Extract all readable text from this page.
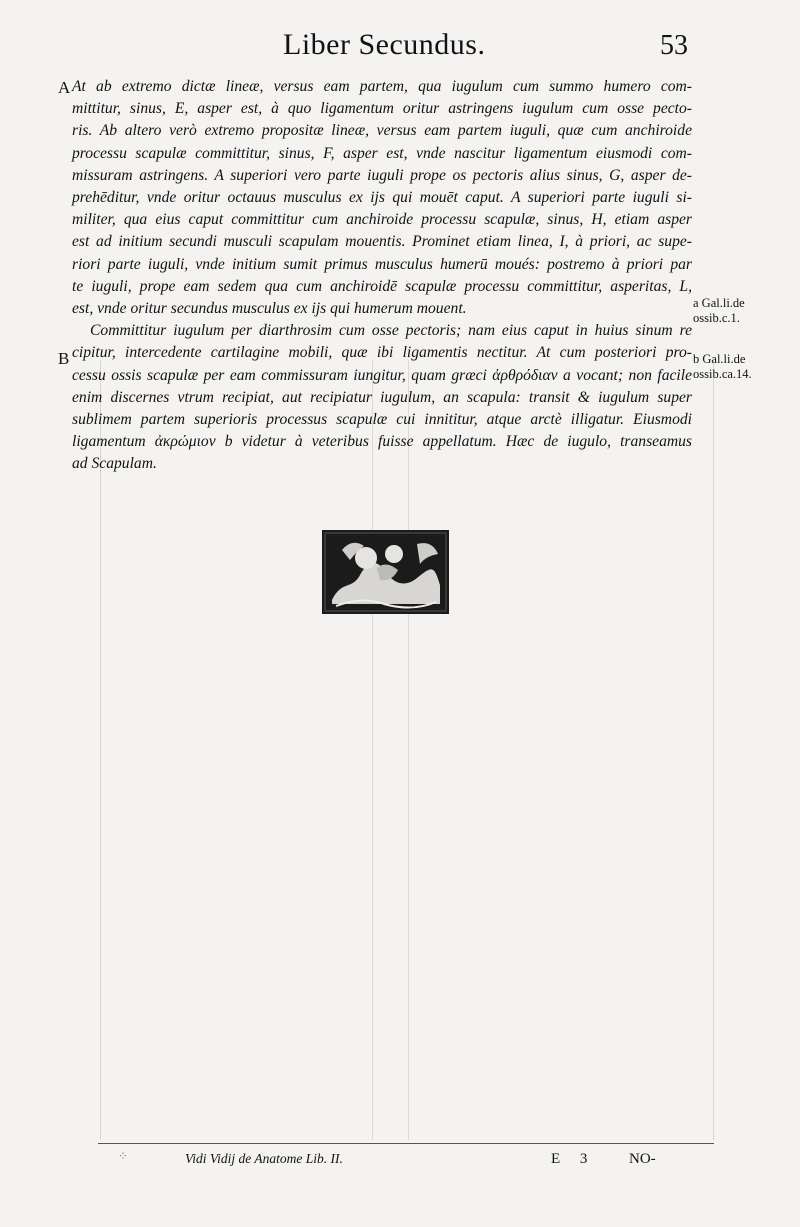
Liber Secundus.	53
A
B
At ab extremo dictæ lineæ, versus eam partem, qua iugulum cum summo humero com-
mittitur, sinus, E, asper est, à quo ligamentum oritur astringens iugulum cum osse pecto-
ris. Ab altero verò extremo propositæ lineæ, versus eam partem iuguli, quæ cum anchiroide
processu scapulæ committitur, sinus, F, asper est, vnde nascitur ligamentum eiusmodi com-
missuram astringens. A superiori vero parte iuguli prope os pectoris alius sinus, G, asper de-
prehēditur, vnde oritur octauus musculus ex ijs qui mouēt caput. A superiori parte iuguli si-
militer, qua eius caput committitur cum anchiroide processu scapulæ, sinus, H, etiam asper
est ad initium secundi musculi scapulam mouentis. Prominet etiam linea, I, à priori, ac supe-
riori parte iuguli, vnde initium sumit primus musculus humerū moués: postremo à priori par
te iuguli, prope eam sedem qua cum anchiroidē scapulæ processu committitur, asperitas, L,
est, vnde oritur secundus musculus ex ijs qui humerum mouent.
Committitur iugulum per diarthrosim cum osse pectoris; nam eius caput in huius sinum re
cipitur, intercedente cartilagine mobili, quæ ibi ligamentis nectitur. At cum posteriori pro-
cessu ossis scapulæ per eam commissuram iungitur, quam græci ἀρθρόδιαν a vocant; non facile
enim discernes vtrum recipiat, aut recipiatur iugulum, an scapula: transit & iugulum super
sublimem partem superioris processus scapulæ cui innititur, atque arctè illigatur. Eiusmodi
ligamentum ἀκρώμιον b videtur à veteribus fuisse appellatum. Hæc de iugulo, transeamus
ad Scapulam.
a Gal.li.de ossib.c.1.
b Gal.li.de ossib.ca.14.
⁘	Vidi Vidij de Anatome Lib. II.	E 3 NO-
